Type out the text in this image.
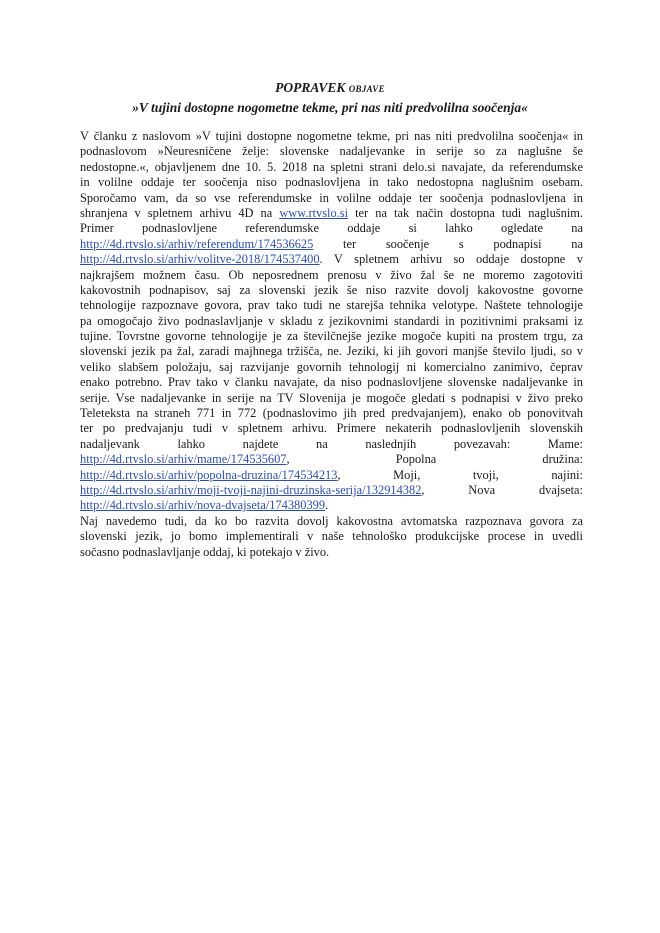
POPRAVEK OBJAVE
»V tujini dostopne nogometne tekme, pri nas niti predvolilna soočenja«
V članku z naslovom »V tujini dostopne nogometne tekme, pri nas niti predvolilna soočenja« in
podnaslovom »Neuresničene želje: slovenske nadaljevanke in serije so za naglušne še
nedostopne.«, objavljenem dne 10. 5. 2018 na spletni strani delo.si navajate, da referendumske
in volilne oddaje ter soočenja niso podnaslovljena in tako nedostopna naglušnim osebam.
Sporočamo vam, da so vse referendumske in volilne oddaje ter soočenja podnaslovljena in
shranjena v spletnem arhivu 4D na www.rtvslo.si ter na tak način dostopna tudi naglušnim.
Primer podnaslovljene referendumske oddaje si lahko ogledate na
http://4d.rtvslo.si/arhiv/referendum/174536625 ter soočenje s podnapisi na
http://4d.rtvslo.si/arhiv/volitve-2018/174537400. V spletnem arhivu so oddaje dostopne v
najkrajšem možnem času. Ob neposrednem prenosu v živo žal še ne moremo zagotoviti
kakovostnih podnapisov, saj za slovenski jezik še niso razvite dovolj kakovostne govorne
tehnologije razpoznave govora, prav tako tudi ne starejša tehnika velotype. Naštete tehnologije
pa omogočajo živo podnaslavljanje v skladu z jezikovnimi standardi in pozitivnimi praksami iz
tujine. Tovrstne govorne tehnologije je za številčnejše jezike mogoče kupiti na prostem trgu, za
slovenski jezik pa žal, zaradi majhnega tržišča, ne. Jeziki, ki jih govori manjše število ljudi, so v
veliko slabšem položaju, saj razvijanje govornih tehnologij ni komercialno zanimivo, čeprav
enako potrebno. Prav tako v članku navajate, da niso podnaslovljene slovenske nadaljevanke in
serije. Vse nadaljevanke in serije na TV Slovenija je mogoče gledati s podnapisi v živo preko
Teleteksta na straneh 771 in 772 (podnaslovimo jih pred predvajanjem), enako ob ponovitvah
ter po predvajanju tudi v spletnem arhivu. Primere nekaterih podnaslovljenih slovenskih
nadaljevank lahko najdete na naslednjih povezavah: Mame:
http://4d.rtvslo.si/arhiv/mame/174535607, Popolna družina:
http://4d.rtvslo.si/arhiv/popolna-druzina/174534213, Moji, tvoji, najini:
http://4d.rtvslo.si/arhiv/moji-tvoji-najini-druzinska-serija/132914382, Nova dvajseta:
http://4d.rtvslo.si/arhiv/nova-dvajseta/174380399.
Naj navedemo tudi, da ko bo razvita dovolj kakovostna avtomatska razpoznava govora za
slovenski jezik, jo bomo implementirali v naše tehnološko produkcijske procese in uvedli
sočasno podnaslavljanje oddaj, ki potekajo v živo.
